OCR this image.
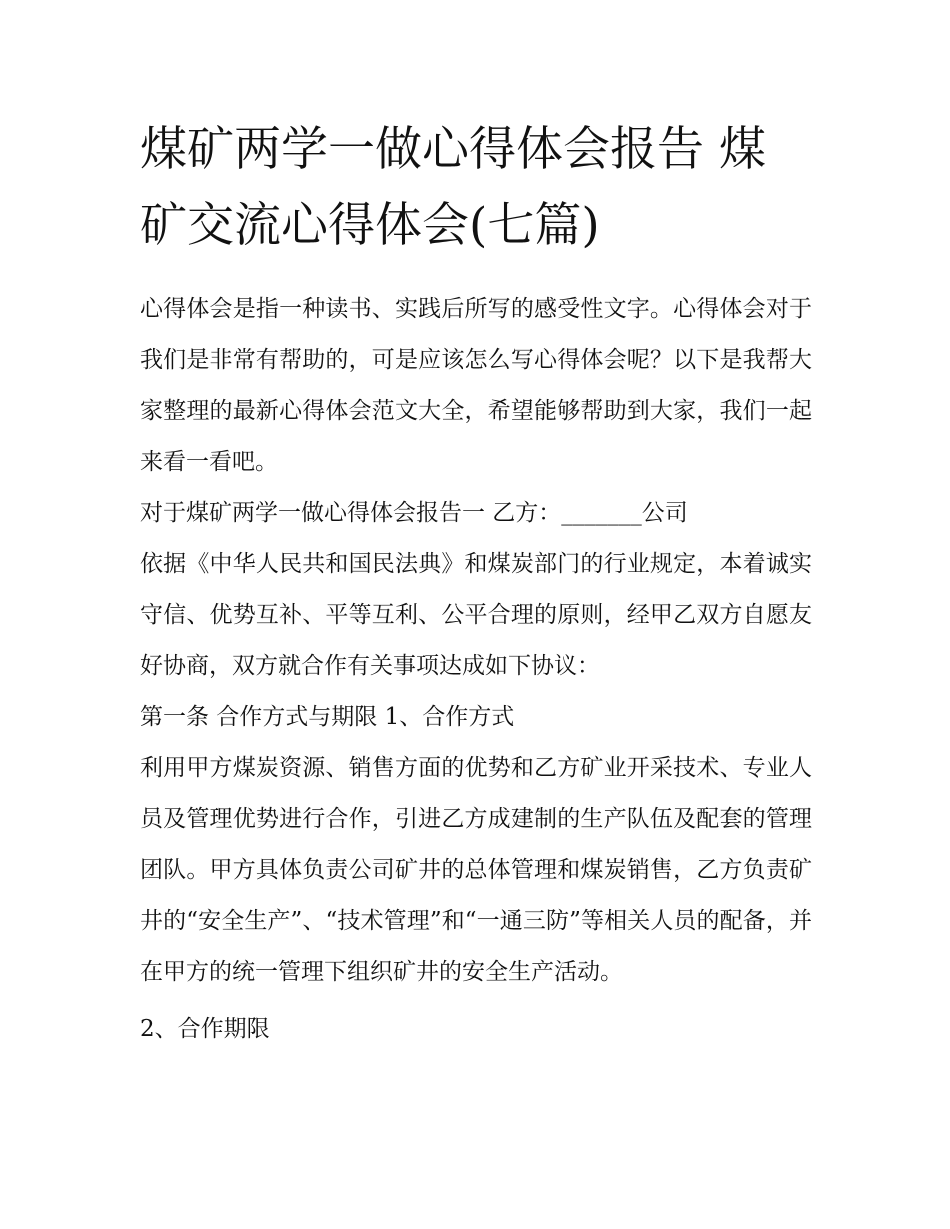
煤矿两学一做心得体会报告 煤矿交流心得体会(七篇)

心得体会是指一种读书、实践后所写的感受性文字。心得体会对于我们是非常有帮助的，可是应该怎么写心得体会呢？以下是我帮大家整理的最新心得体会范文大全，希望能够帮助到大家，我们一起来看一看吧。

对于煤矿两学一做心得体会报告一 乙方：_______公司

依据《中华人民共和国民法典》和煤炭部门的行业规定，本着诚实守信、优势互补、平等互利、公平合理的原则，经甲乙双方自愿友好协商，双方就合作有关事项达成如下协议：

第一条 合作方式与期限 1、合作方式

利用甲方煤炭资源、销售方面的优势和乙方矿业开采技术、专业人员及管理优势进行合作，引进乙方成建制的生产队伍及配套的管理团队。甲方具体负责公司矿井的总体管理和煤炭销售，乙方负责矿井的“安全生产”、“技术管理”和“一通三防”等相关人员的配备，并在甲方的统一管理下组织矿井的安全生产活动。

2、合作期限
